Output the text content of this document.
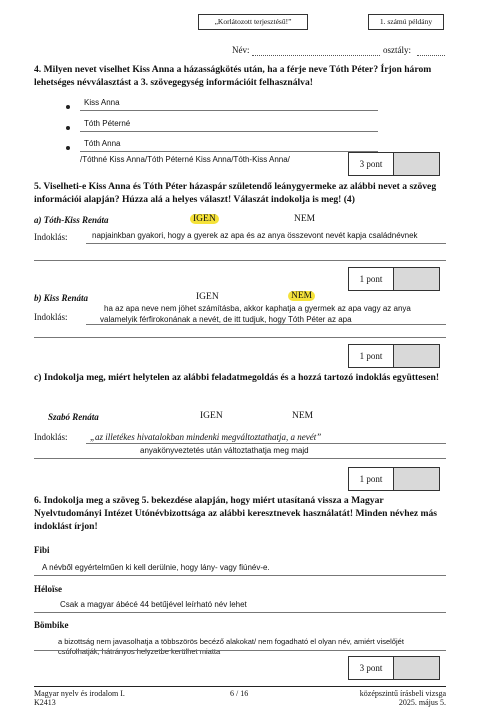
„Korlátozott terjesztésű!”	1. számú példány
Név:	osztály:
4. Milyen nevet viselhet Kiss Anna a házasságkötés után, ha a férje neve Tóth Péter? Írjon három lehetséges névválasztást a 3. szövegegység információit felhasználva!
Kiss Anna
Tóth Péterné
Tóth Anna
/Tóthné Kiss Anna/Tóth Péterné Kiss Anna/Tóth-Kiss Anna/	3 pont
5. Viselheti-e Kiss Anna és Tóth Péter házaspár születendő leánygyermeke az alábbi nevet a szöveg információi alapján? Húzza alá a helyes választ! Válaszát indokolja is meg! (4)
a) Tóth-Kiss Renáta	IGEN	NEM
Indoklás:	napjainkban gyakori, hogy a gyerek az apa és az anya összevont nevét kapja családnévnek
1 pont
b) Kiss Renáta	IGEN	NEM
ha az apa neve nem jöhet számításba, akkor kaphatja a gyermek az apa vagy az anya
Indoklás:	valamelyik férfirokonának a nevét, de itt tudjuk, hogy Tóth Péter az apa
1 pont
c) Indokolja meg, miért helytelen az alábbi feladatmegoldás és a hozzá tartozó indoklás együttesen!
Szabó Renáta	IGEN	NEM
Indoklás:	„az illetékes hivatalokban mindenki megváltoztathatja, a nevét”
anyakönyveztetés után változtathatja meg majd
1 pont
6. Indokolja meg a szöveg 5. bekezdése alapján, hogy miért utasítaná vissza a Magyar Nyelvtudományi Intézet Utónévbizottsága az alábbi keresztnevek használatát! Minden névhez más indoklást írjon!
Fibi
A névből egyértelműen ki kell derülnie, hogy lány- vagy fiúnév-e.
Héloïse
Csak a magyar ábécé 44 betűjével leírható név lehet
Bömbike
a bizottság nem javasolhatja a többszörös becéző alakokat/ nem fogadható el olyan név, amiért viselőjét
csúfolhatják, hátrányos helyzetbe kerülhet miatta
3 pont
Magyar nyelv és irodalom I.
K2413
6 / 16	középszintű írásbeli vizsga
2025. május 5.
